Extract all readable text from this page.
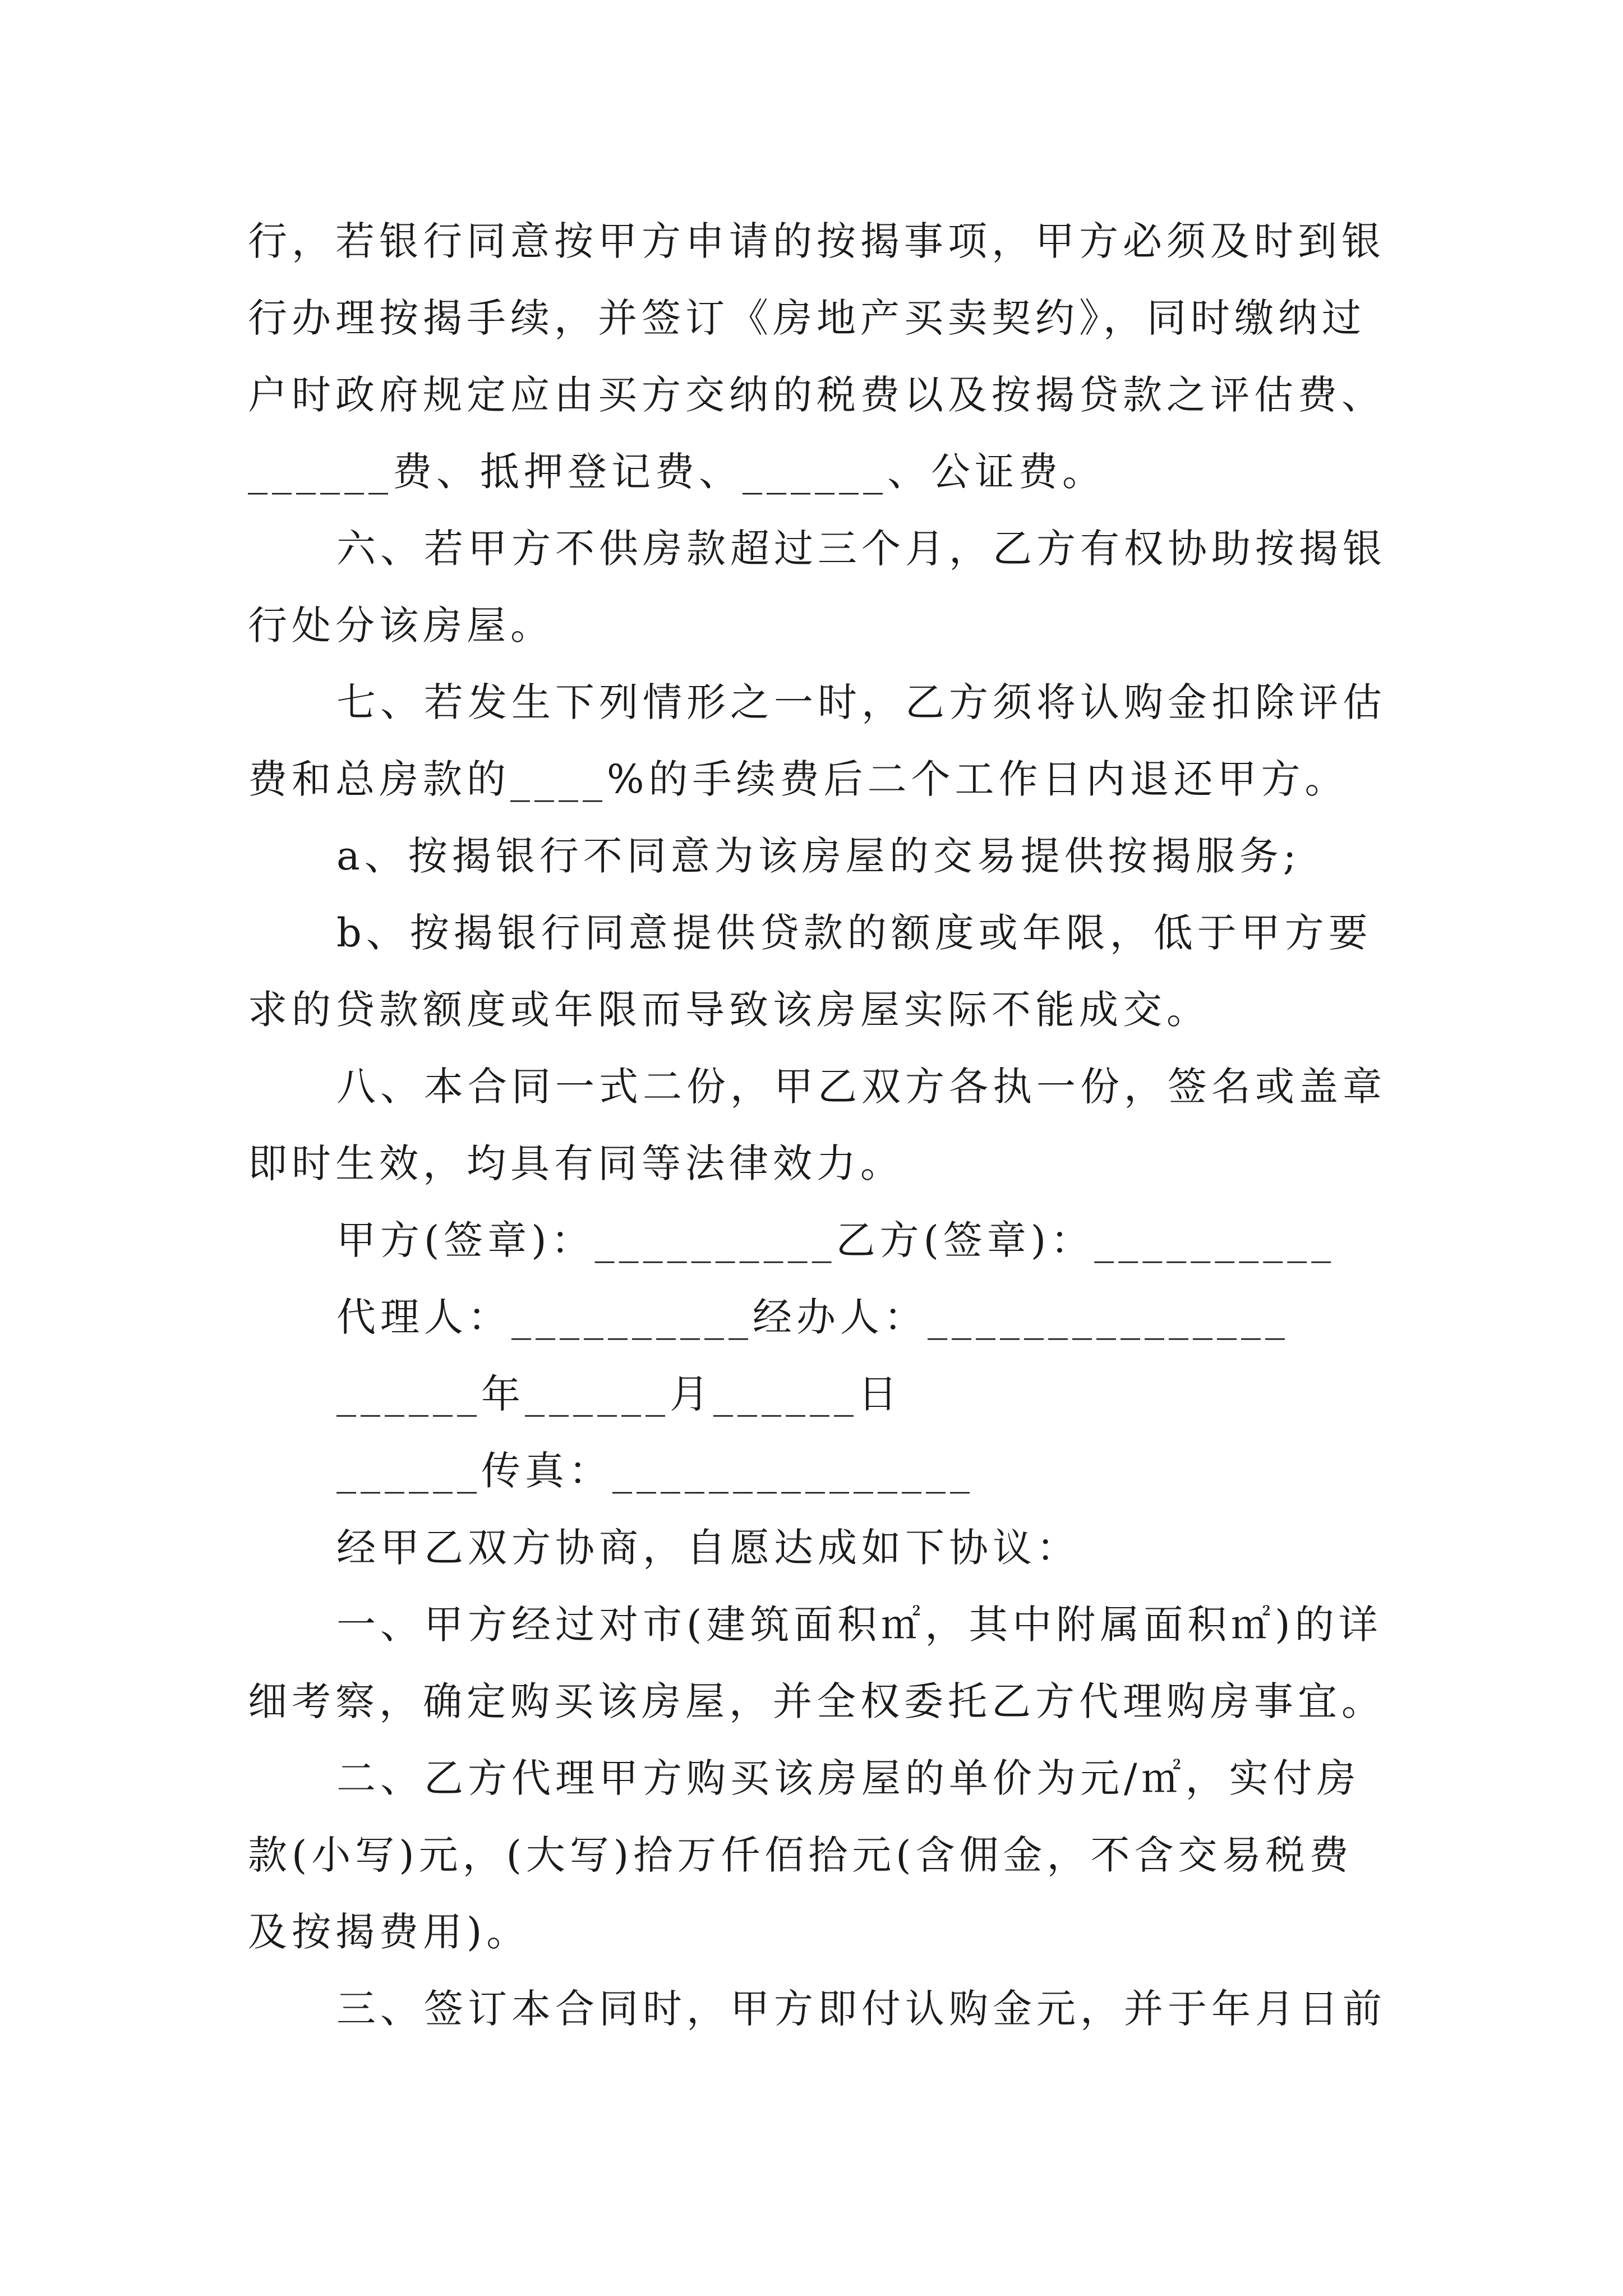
行，若银行同意按甲方申请的按揭事项，甲方必须及时到银
行办理按揭手续，并签订《房地产买卖契约》，同时缴纳过
户时政府规定应由买方交纳的税费以及按揭贷款之评估费、
______费、抵押登记费、______、公证费。
六、若甲方不供房款超过三个月，乙方有权协助按揭银
行处分该房屋。
七、若发生下列情形之一时，乙方须将认购金扣除评估
费和总房款的____%的手续费后二个工作日内退还甲方。
a、按揭银行不同意为该房屋的交易提供按揭服务;
b、按揭银行同意提供贷款的额度或年限，低于甲方要
求的贷款额度或年限而导致该房屋实际不能成交。
八、本合同一式二份，甲乙双方各执一份，签名或盖章
即时生效，均具有同等法律效力。
甲方(签章)：__________乙方(签章)：__________
代理人：__________经办人：_______________
______年______月______日
______传真：_______________
经甲乙双方协商，自愿达成如下协议：
一、甲方经过对市(建筑面积㎡，其中附属面积㎡)的详
细考察，确定购买该房屋，并全权委托乙方代理购房事宜。
二、乙方代理甲方购买该房屋的单价为元/㎡，实付房
款(小写)元，(大写)拾万仟佰拾元(含佣金，不含交易税费
及按揭费用)。
三、签订本合同时，甲方即付认购金元，并于年月日前
